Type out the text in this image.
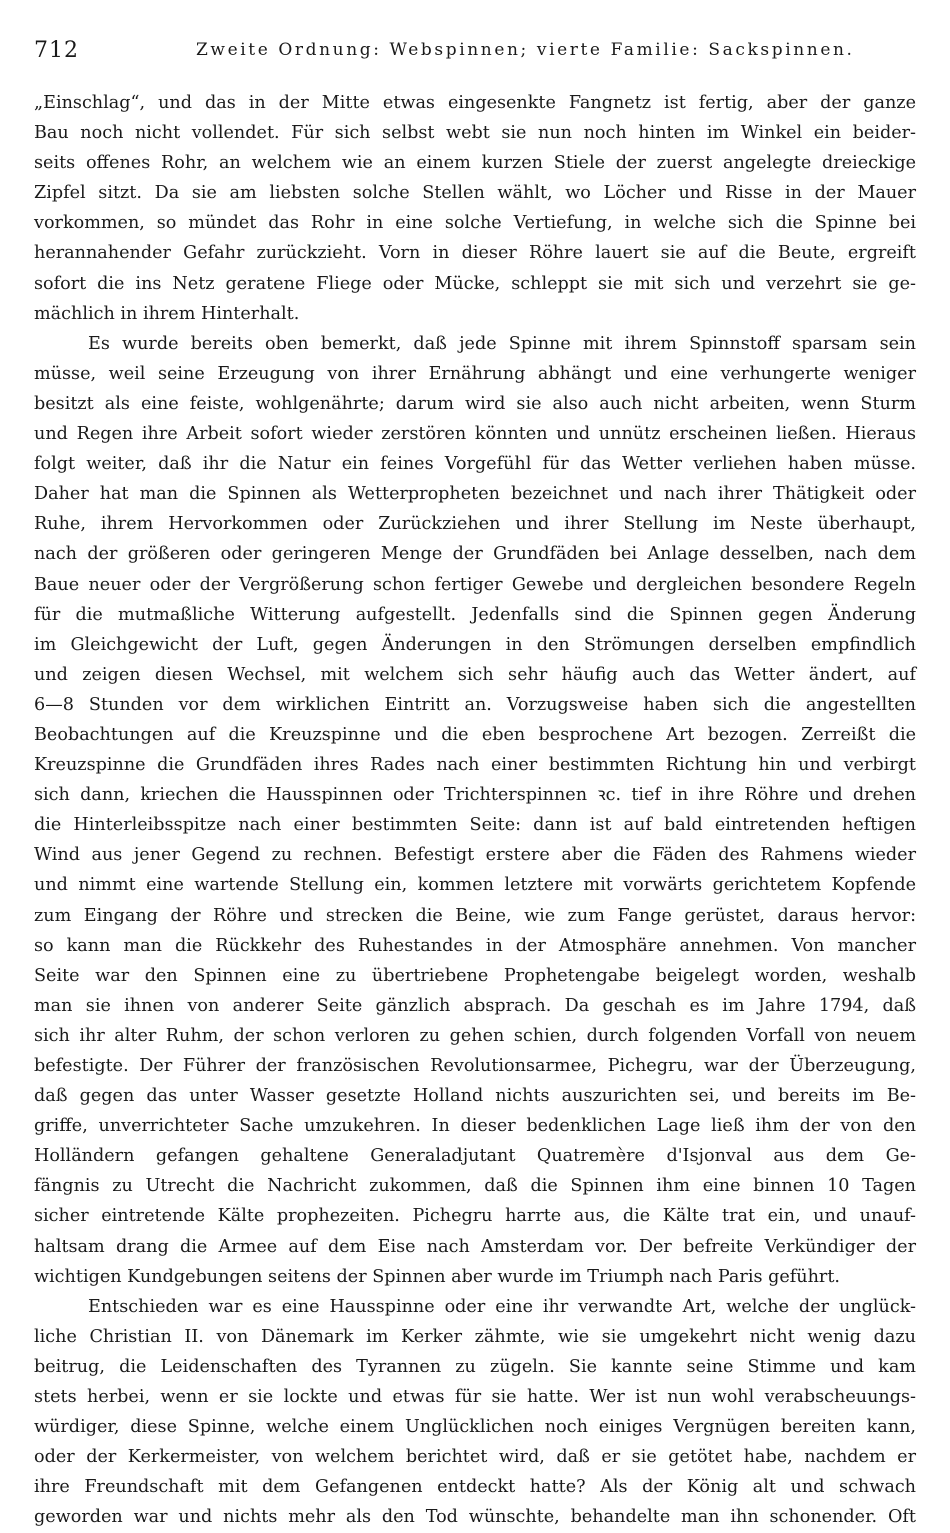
712	Zweite Ordnung: Webspinnen; vierte Familie: Sackspinnen.
„Einschlag“, und das in der Mitte etwas eingesenkte Fangnetz ist fertig, aber der ganze
Bau noch nicht vollendet. Für sich selbst webt sie nun noch hinten im Winkel ein beider-
seits offenes Rohr, an welchem wie an einem kurzen Stiele der zuerst angelegte dreieckige
Zipfel sitzt. Da sie am liebsten solche Stellen wählt, wo Löcher und Risse in der Mauer
vorkommen, so mündet das Rohr in eine solche Vertiefung, in welche sich die Spinne bei
herannahender Gefahr zurückzieht. Vorn in dieser Röhre lauert sie auf die Beute, ergreift
sofort die ins Netz geratene Fliege oder Mücke, schleppt sie mit sich und verzehrt sie ge-
mächlich in ihrem Hinterhalt.
Es wurde bereits oben bemerkt, daß jede Spinne mit ihrem Spinnstoff sparsam sein
müsse, weil seine Erzeugung von ihrer Ernährung abhängt und eine verhungerte weniger
besitzt als eine feiste, wohlgenährte; darum wird sie also auch nicht arbeiten, wenn Sturm
und Regen ihre Arbeit sofort wieder zerstören könnten und unnütz erscheinen ließen. Hieraus
folgt weiter, daß ihr die Natur ein feines Vorgefühl für das Wetter verliehen haben müsse.
Daher hat man die Spinnen als Wetterpropheten bezeichnet und nach ihrer Thätigkeit oder
Ruhe, ihrem Hervorkommen oder Zurückziehen und ihrer Stellung im Neste überhaupt,
nach der größeren oder geringeren Menge der Grundfäden bei Anlage desselben, nach dem
Baue neuer oder der Vergrößerung schon fertiger Gewebe und dergleichen besondere Regeln
für die mutmaßliche Witterung aufgestellt. Jedenfalls sind die Spinnen gegen Änderung
im Gleichgewicht der Luft, gegen Änderungen in den Strömungen derselben empfindlich
und zeigen diesen Wechsel, mit welchem sich sehr häufig auch das Wetter ändert, auf
6—8 Stunden vor dem wirklichen Eintritt an. Vorzugsweise haben sich die angestellten
Beobachtungen auf die Kreuzspinne und die eben besprochene Art bezogen. Zerreißt die
Kreuzspinne die Grundfäden ihres Rades nach einer bestimmten Richtung hin und verbirgt
sich dann, kriechen die Hausspinnen oder Trichterspinnen ꝛc. tief in ihre Röhre und drehen
die Hinterleibsspitze nach einer bestimmten Seite: dann ist auf bald eintretenden heftigen
Wind aus jener Gegend zu rechnen. Befestigt erstere aber die Fäden des Rahmens wieder
und nimmt eine wartende Stellung ein, kommen letztere mit vorwärts gerichtetem Kopfende
zum Eingang der Röhre und strecken die Beine, wie zum Fange gerüstet, daraus hervor:
so kann man die Rückkehr des Ruhestandes in der Atmosphäre annehmen. Von mancher
Seite war den Spinnen eine zu übertriebene Prophetengabe beigelegt worden, weshalb
man sie ihnen von anderer Seite gänzlich absprach. Da geschah es im Jahre 1794, daß
sich ihr alter Ruhm, der schon verloren zu gehen schien, durch folgenden Vorfall von neuem
befestigte. Der Führer der französischen Revolutionsarmee, Pichegru, war der Überzeugung,
daß gegen das unter Wasser gesetzte Holland nichts auszurichten sei, und bereits im Be-
griffe, unverrichteter Sache umzukehren. In dieser bedenklichen Lage ließ ihm der von den
Holländern gefangen gehaltene Generaladjutant Quatremère d'Isjonval aus dem Ge-
fängnis zu Utrecht die Nachricht zukommen, daß die Spinnen ihm eine binnen 10 Tagen
sicher eintretende Kälte prophezeiten. Pichegru harrte aus, die Kälte trat ein, und unauf-
haltsam drang die Armee auf dem Eise nach Amsterdam vor. Der befreite Verkündiger der
wichtigen Kundgebungen seitens der Spinnen aber wurde im Triumph nach Paris geführt.
Entschieden war es eine Hausspinne oder eine ihr verwandte Art, welche der unglück-
liche Christian II. von Dänemark im Kerker zähmte, wie sie umgekehrt nicht wenig dazu
beitrug, die Leidenschaften des Tyrannen zu zügeln. Sie kannte seine Stimme und kam
stets herbei, wenn er sie lockte und etwas für sie hatte. Wer ist nun wohl verabscheuungs-
würdiger, diese Spinne, welche einem Unglücklichen noch einiges Vergnügen bereiten kann,
oder der Kerkermeister, von welchem berichtet wird, daß er sie getötet habe, nachdem er
ihre Freundschaft mit dem Gefangenen entdeckt hatte? Als der König alt und schwach
geworden war und nichts mehr als den Tod wünschte, behandelte man ihn schonender. Oft
